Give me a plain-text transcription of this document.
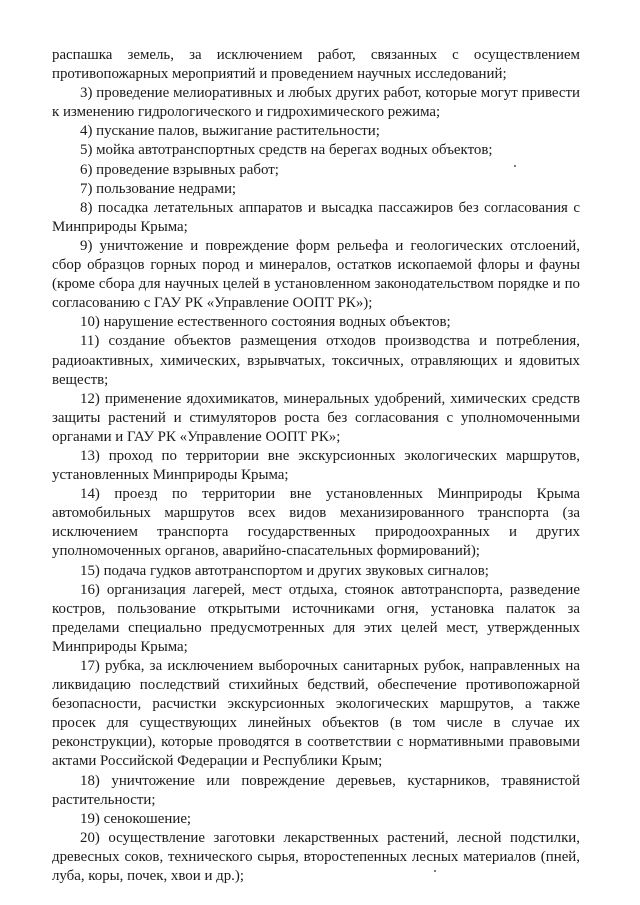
распашка земель, за исключением работ, связанных с осуществлением противопожарных мероприятий и проведением научных исследований;

3) проведение мелиоративных и любых других работ, которые могут привести к изменению гидрологического и гидрохимического режима;

4) пускание палов, выжигание растительности;

5) мойка автотранспортных средств на берегах водных объектов;

6) проведение взрывных работ;

7) пользование недрами;

8) посадка летательных аппаратов и высадка пассажиров без согласования с Минприроды Крыма;

9) уничтожение и повреждение форм рельефа и геологических отслоений, сбор образцов горных пород и минералов, остатков ископаемой флоры и фауны (кроме сбора для научных целей в установленном законодательством порядке и по согласованию с ГАУ РК «Управление ООПТ РК»);

10) нарушение естественного состояния водных объектов;

11) создание объектов размещения отходов производства и потребления, радиоактивных, химических, взрывчатых, токсичных, отравляющих и ядовитых веществ;

12) применение ядохимикатов, минеральных удобрений, химических средств защиты растений и стимуляторов роста без согласования с уполномоченными органами и ГАУ РК «Управление ООПТ РК»;

13) проход по территории вне экскурсионных экологических маршрутов, установленных Минприроды Крыма;

14) проезд по территории вне установленных Минприроды Крыма автомобильных маршрутов всех видов механизированного транспорта (за исключением транспорта государственных природоохранных и других уполномоченных органов, аварийно-спасательных формирований);

15) подача гудков автотранспортом и других звуковых сигналов;

16) организация лагерей, мест отдыха, стоянок автотранспорта, разведение костров, пользование открытыми источниками огня, установка палаток за пределами специально предусмотренных для этих целей мест, утвержденных Минприроды Крыма;

17) рубка, за исключением выборочных санитарных рубок, направленных на ликвидацию последствий стихийных бедствий, обеспечение противопожарной безопасности, расчистки экскурсионных экологических маршрутов, а также просек для существующих линейных объектов (в том числе в случае их реконструкции), которые проводятся в соответствии с нормативными правовыми актами Российской Федерации и Республики Крым;

18) уничтожение или повреждение деревьев, кустарников, травянистой растительности;

19) сенокошение;

20) осуществление заготовки лекарственных растений, лесной подстилки, древесных соков, технического сырья, второстепенных лесных материалов (пней, луба, коры, почек, хвои и др.);
